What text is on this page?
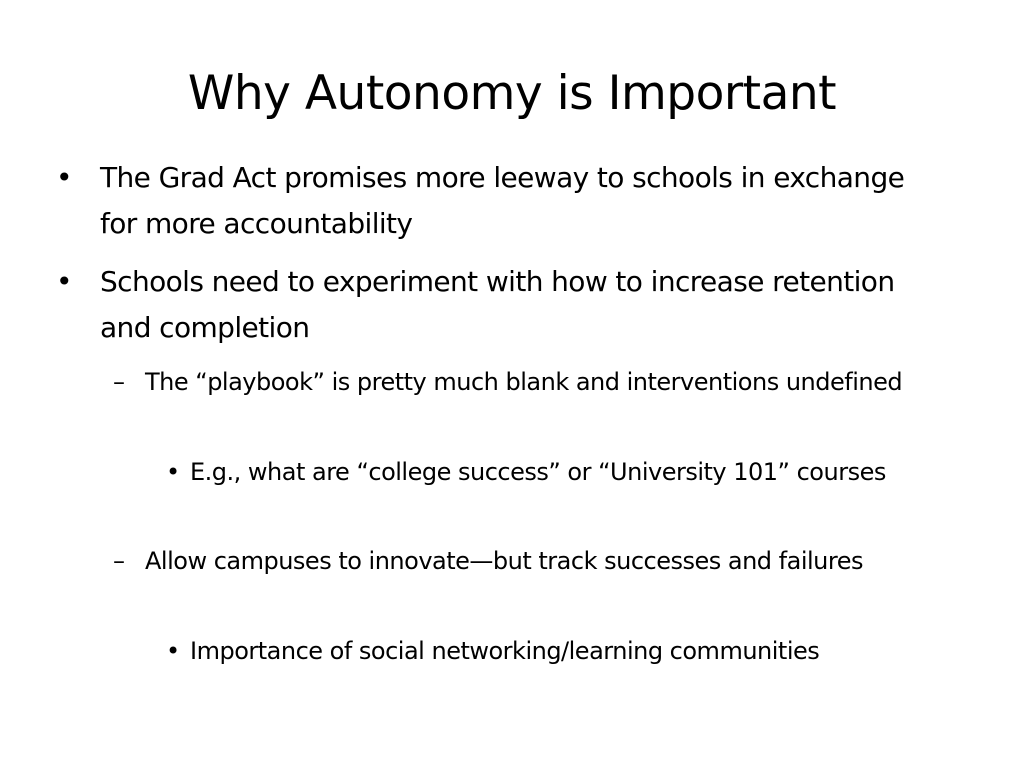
Why Autonomy is Important
• The Grad Act promises more leeway to schools in exchange for more accountability
• Schools need to experiment with how to increase retention and completion
– The “playbook” is pretty much blank and interventions undefined
• E.g., what are “college success” or “University 101” courses
– Allow campuses to innovate—but track successes and failures
• Importance of social networking/learning communities
